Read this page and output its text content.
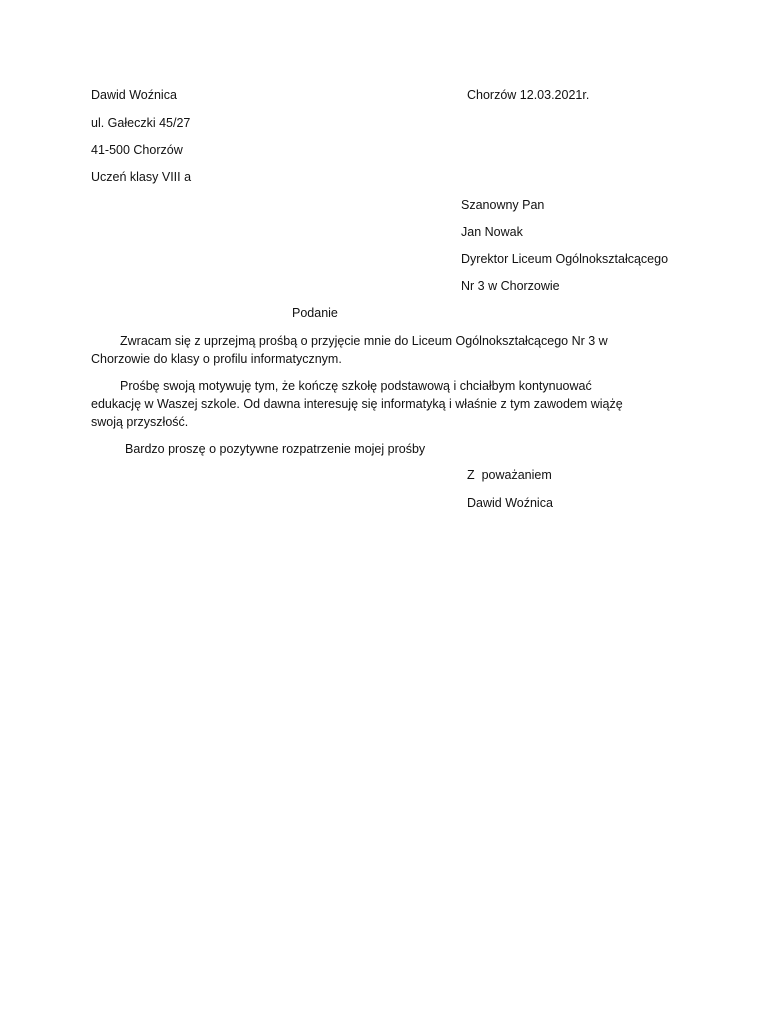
Dawid Woźnica
ul. Gałeczki 45/27
41-500 Chorzów
Uczeń klasy VIII a
Chorzów 12.03.2021r.
Szanowny Pan
Jan Nowak
Dyrektor Liceum Ogólnokształcącego
Nr 3 w Chorzowie
Podanie

Zwracam się z uprzejmą prośbą o przyjęcie mnie do Liceum Ogólnokształcącego Nr 3 w Chorzowie do klasy o profilu informatycznym.

Prośbę swoją motywuję tym, że kończę szkołę podstawową i chciałbym kontynuować edukację w Waszej szkole. Od dawna interesuję się informatyką i właśnie z tym zawodem wiążę swoją przyszłość.

Bardzo proszę o pozytywne rozpatrzenie mojej prośby

Z  poważaniem
Dawid Woźnica
